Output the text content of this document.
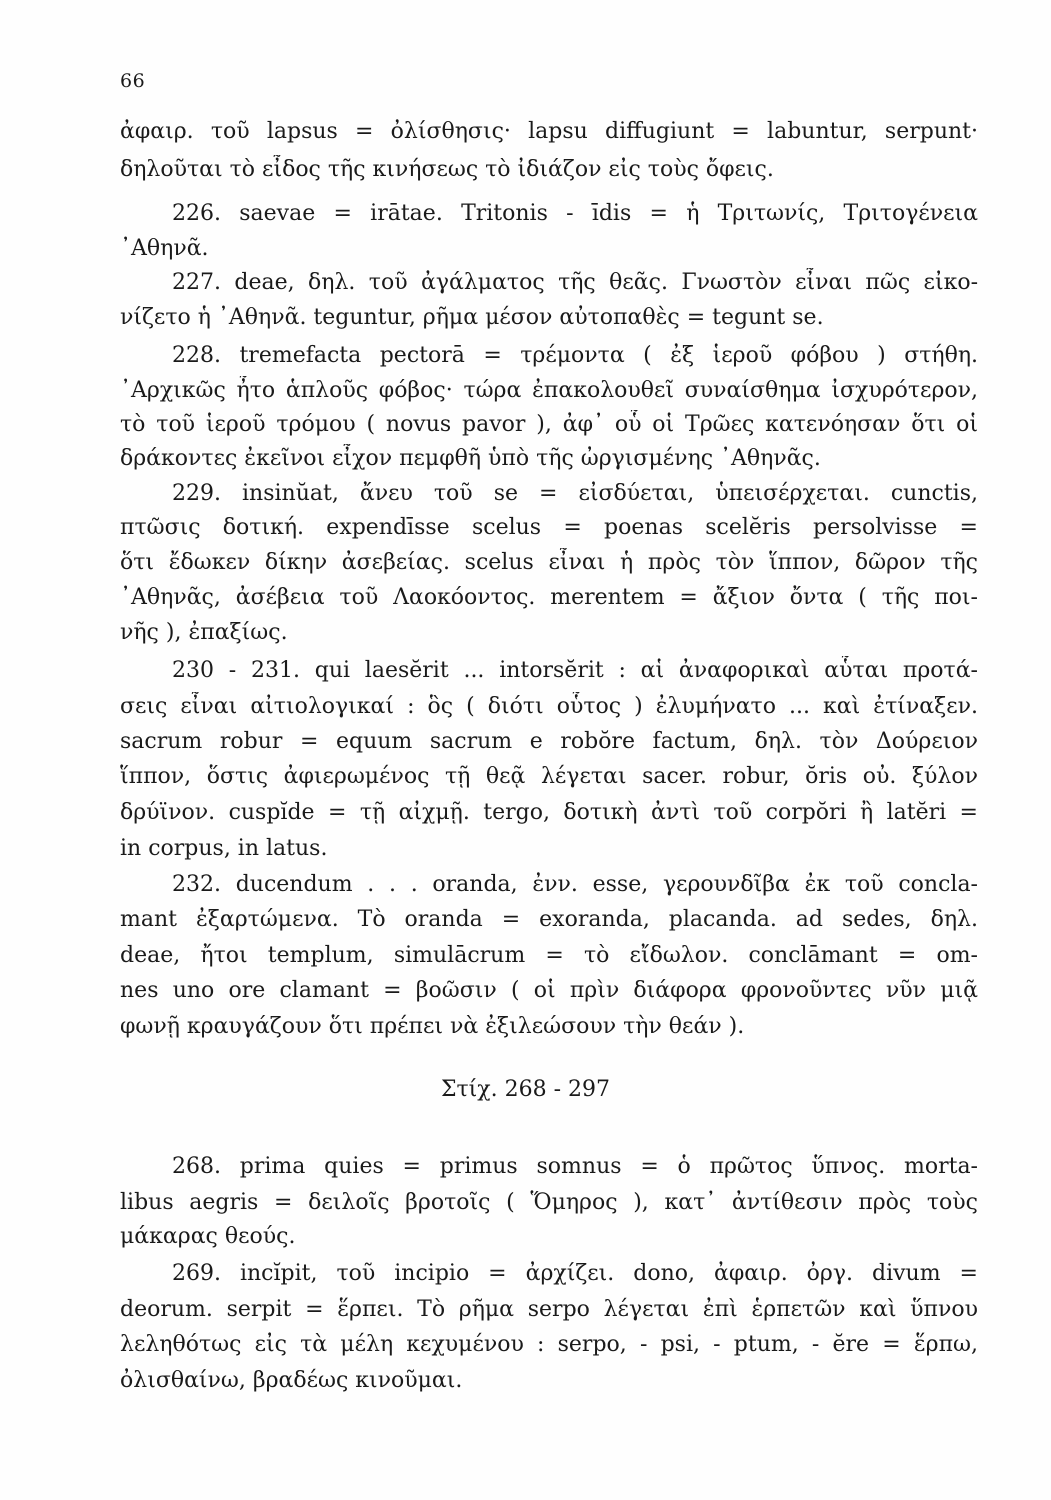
66
ἀφαιρ. τοῦ lapsus = ὀλίσθησις· lapsu diffugiunt = labuntur, serpunt·
δηλοῦται τὸ εἶδος τῆς κινήσεως τὸ ἰδιάζον εἰς τοὺς ὄφεις.
226. saevae = irātae. Tritonis - īdis = ἡ Τριτωνίς, Τριτογένεια
᾿Αθηνᾶ.
227. deae, δηλ. τοῦ ἀγάλματος τῆς θεᾶς. Γνωστὸν εἶναι πῶς εἰκο-
νίζετο ἡ ᾿Αθηνᾶ. teguntur, ρῆμα μέσον αὐτοπαθὲς = tegunt se.
228. tremefacta pectorā = τρέμοντα ( ἐξ ἱεροῦ φόβου ) στήθη.
᾿Αρχικῶς ἦτο ἁπλοῦς φόβος· τώρα ἐπακολουθεῖ συναίσθημα ἰσχυρότερον,
τὸ τοῦ ἱεροῦ τρόμου ( novus pavor ), ἀφ᾿ οὗ οἱ Τρῶες κατενόησαν ὅτι οἱ
δράκοντες ἐκεῖνοι εἶχον πεμφθῆ ὑπὸ τῆς ὠργισμένης ᾿Αθηνᾶς.
229. insinŭat, ἄνευ τοῦ se = εἰσδύεται, ὑπεισέρχεται. cunctis,
πτῶσις δοτική. expendīsse scelus = poenas scelĕris persolvisse =
ὅτι ἔδωκεν δίκην ἀσεβείας. scelus εἶναι ἡ πρὸς τὸν ἵππον, δῶρον τῆς
᾿Αθηνᾶς, ἀσέβεια τοῦ Λαοκόοντος. merentem = ἄξιον ὄντα ( τῆς ποι-
νῆς ), ἐπαξίως.
230 - 231. qui laesĕrit ... intorsĕrit : αἱ ἀναφορικαὶ αὗται προτά-
σεις εἶναι αἰτιολογικαί : ὃς ( διότι οὗτος ) ἐλυμήνατο ... καὶ ἐτίναξεν.
sacrum robur = equum sacrum e robŏre factum, δηλ. τὸν Δούρειον
ἵππον, ὅστις ἀφιερωμένος τῇ θεᾷ λέγεται sacer. robur, ŏris οὐ. ξύλον
δρύϊνον. cuspĭde = τῇ αἰχμῇ. tergo, δοτικὴ ἀντὶ τοῦ corpŏri ἢ latĕri =
in corpus, in latus.
232. ducendum . . . oranda, ἐνν. esse, γερουνδῖβα ἐκ τοῦ concla-
mant ἐξαρτώμενα. Τὸ oranda = exoranda, placanda. ad sedes, δηλ.
deae, ἤτοι templum, simulācrum = τὸ εἴδωλον. conclāmant = om-
nes uno ore clamant = βοῶσιν ( οἱ πρὶν διάφορα φρονοῦντες νῦν μιᾷ
φωνῇ κραυγάζουν ὅτι πρέπει νὰ ἐξιλεώσουν τὴν θεάν ).
Στίχ. 268 - 297
268. prima quies = primus somnus = ὁ πρῶτος ὕπνος. morta-
libus aegris = δειλοῖς βροτοῖς ( Ὅμηρος ), κατ᾿ ἀντίθεσιν πρὸς τοὺς
μάκαρας θεούς.
269. incĭpit, τοῦ incipio = ἀρχίζει. dono, ἀφαιρ. ὀργ. divum =
deorum. serpit = ἕρπει. Τὸ ρῆμα serpo λέγεται ἐπὶ ἑρπετῶν καὶ ὕπνου
λεληθότως εἰς τὰ μέλη κεχυμένου : serpo, - psi, - ptum, - ĕre = ἕρπω,
ὀλισθαίνω, βραδέως κινοῦμαι.
